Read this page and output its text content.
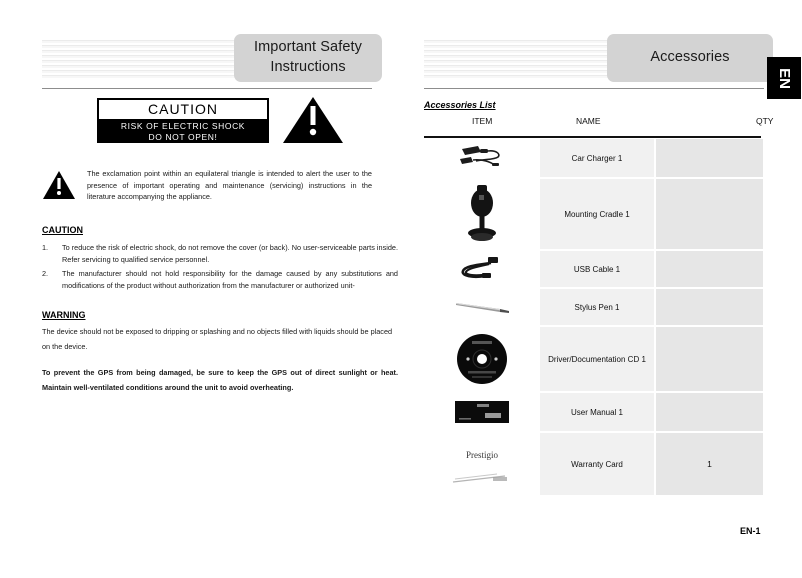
Important Safety
Instructions
CAUTION
RISK OF ELECTRIC SHOCK
DO NOT OPEN!
The exclamation point within an equilateral triangle is intended to alert the user to the presence of important operating and maintenance (servicing) instructions in the literature accompanying the appliance.
CAUTION
1. To reduce the risk of electric shock, do not remove the cover (or back). No user-serviceable parts inside. Refer servicing to qualified service personnel.
2. The manufacturer should not hold responsibility for the damage caused by any substitutions and modifications of the product without authorization from the manufacturer or authorized unit-
WARNING
The device should not be exposed to dripping or splashing and no objects filled with liquids should be placed on the device.
To prevent the GPS from being damaged, be sure to keep the GPS out of direct sunlight or heat. Maintain well-ventilated conditions around the unit to avoid overheating.
Accessories
Accessories List
ITEM	NAME	QTY
Car Charger 1
Mounting Cradle 1
USB Cable 1
Stylus Pen 1
Driver/Documentation CD 1
User Manual 1
Prestigio
Warranty Card	1
EN
EN-1
